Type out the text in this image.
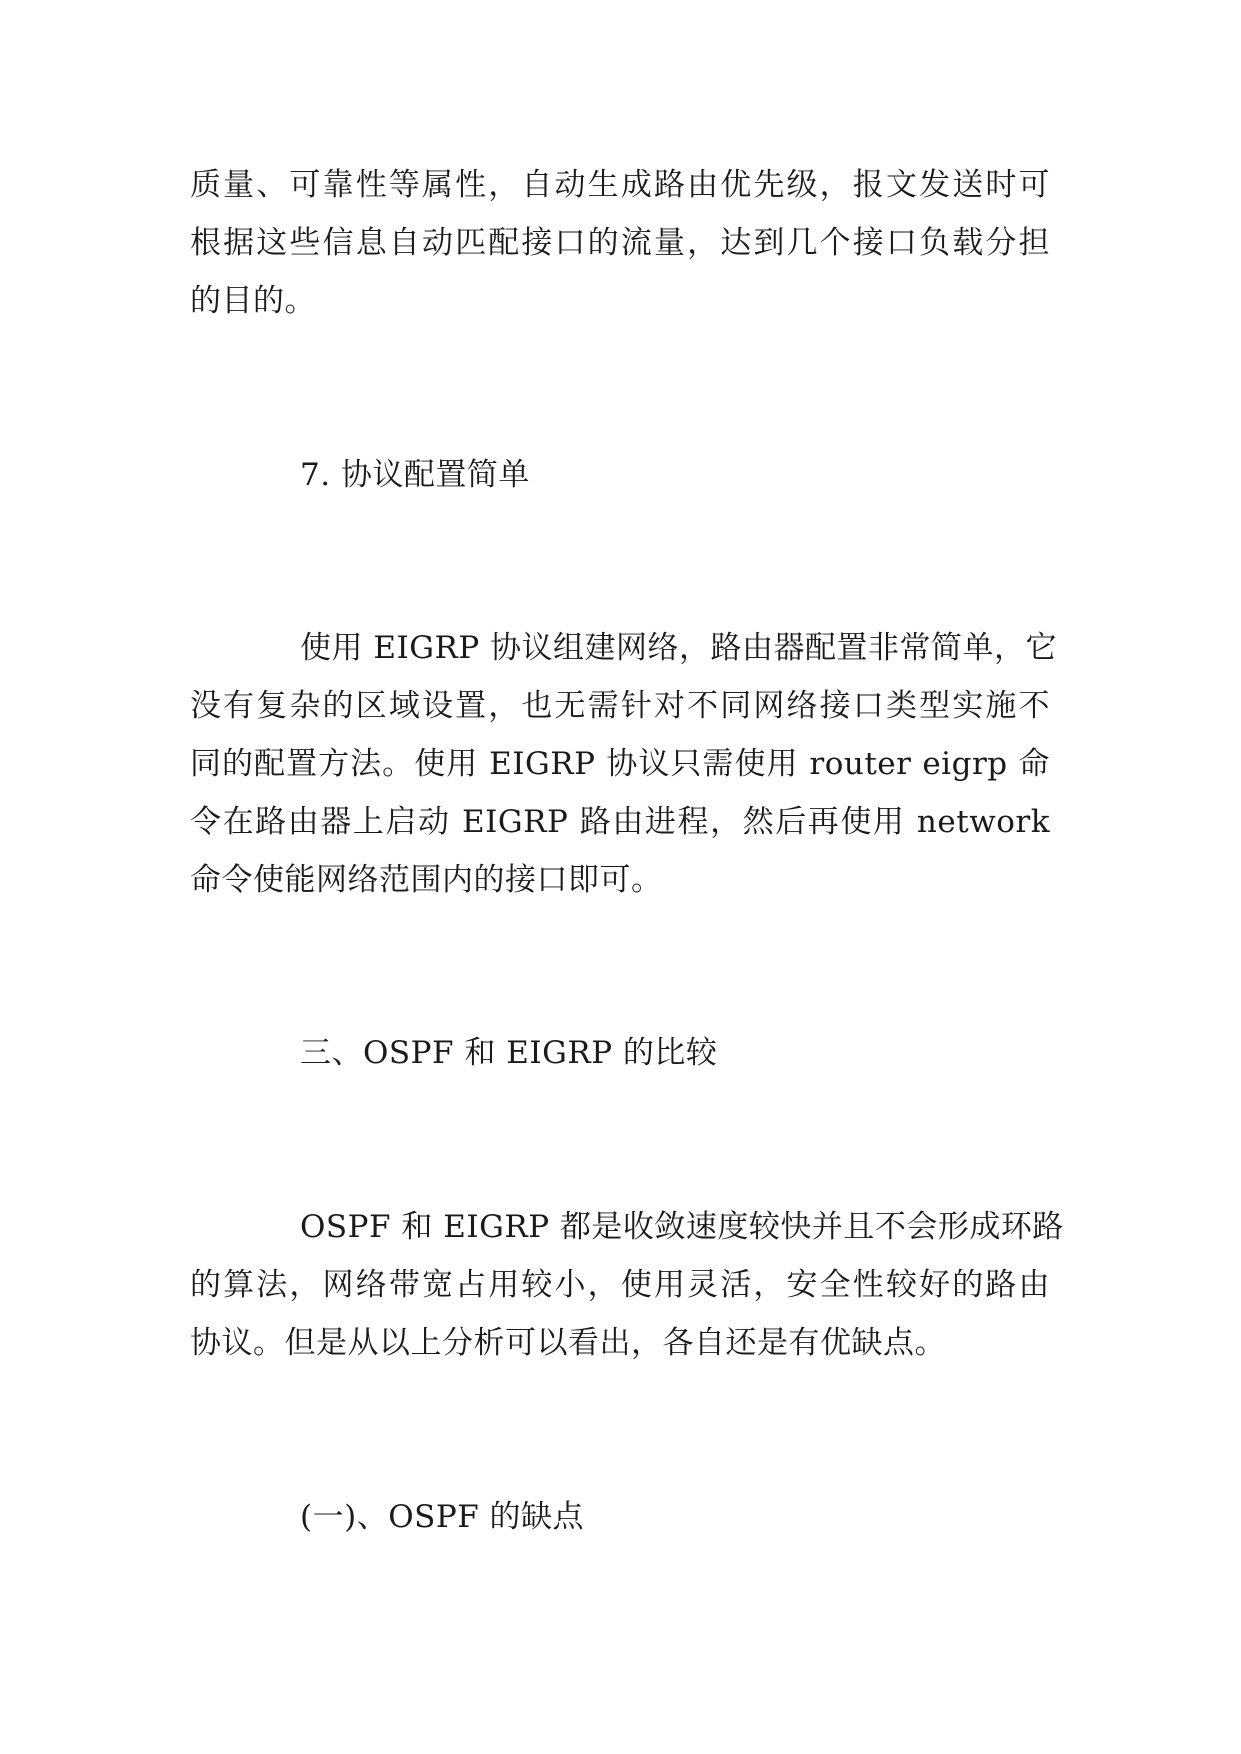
质量、可靠性等属性，自动生成路由优先级，报文发送时可
根据这些信息自动匹配接口的流量，达到几个接口负载分担
的目的。
7. 协议配置简单
使用 EIGRP 协议组建网络，路由器配置非常简单，它
没有复杂的区域设置，也无需针对不同网络接口类型实施不
同的配置方法。使用 EIGRP 协议只需使用 router eigrp 命
令在路由器上启动 EIGRP 路由进程，然后再使用 network
命令使能网络范围内的接口即可。
三、OSPF 和 EIGRP 的比较
OSPF 和 EIGRP 都是收敛速度较快并且不会形成环路
的算法，网络带宽占用较小，使用灵活，安全性较好的路由
协议。但是从以上分析可以看出，各自还是有优缺点。
(一)、OSPF 的缺点
